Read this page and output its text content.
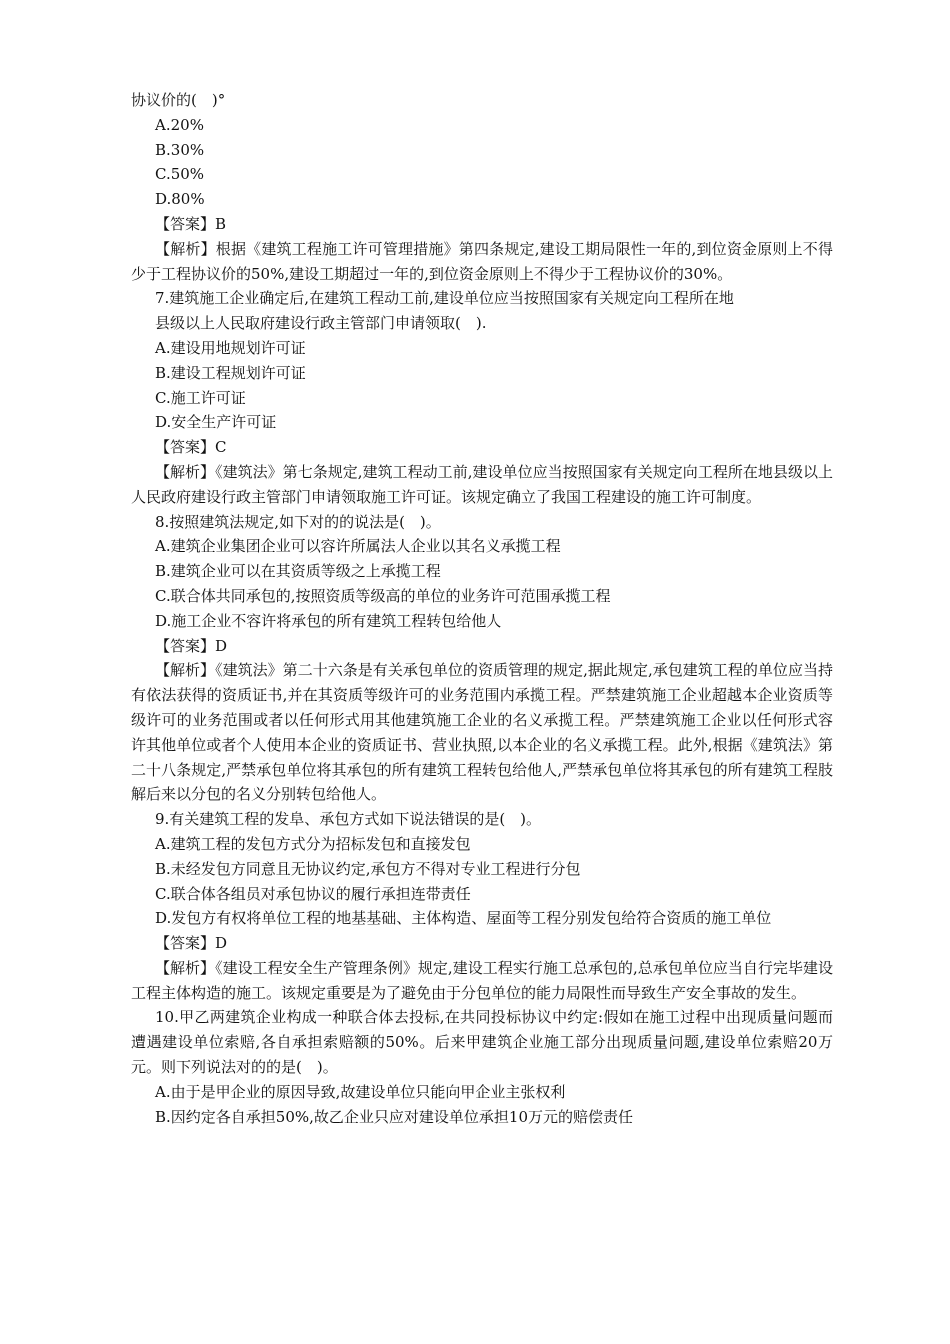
协议价的(　)°
A.20%
B.30%
C.50%
D.80%
【答案】B
【解析】根据《建筑工程施工许可管理措施》第四条规定,建设工期局限性一年的,到位资金原则上不得少于工程协议价的50%,建设工期超过一年的,到位资金原则上不得少于工程协议价的30%。
7.建筑施工企业确定后,在建筑工程动工前,建设单位应当按照国家有关规定向工程所在地
县级以上人民取府建设行政主管部门申请领取(　).
A.建设用地规划许可证
B.建设工程规划许可证
C.施工许可证
D.安全生产许可证
【答案】C
【解析】《建筑法》第七条规定,建筑工程动工前,建设单位应当按照国家有关规定向工程所在地县级以上人民政府建设行政主管部门申请领取施工许可证。该规定确立了我国工程建设的施工许可制度。
8.按照建筑法规定,如下对的的说法是(　)。
A.建筑企业集团企业可以容许所属法人企业以其名义承揽工程
B.建筑企业可以在其资质等级之上承揽工程
C.联合体共同承包的,按照资质等级高的单位的业务许可范围承揽工程
D.施工企业不容许将承包的所有建筑工程转包给他人
【答案】D
【解析】《建筑法》第二十六条是有关承包单位的资质管理的规定,据此规定,承包建筑工程的单位应当持有依法获得的资质证书,并在其资质等级许可的业务范围内承揽工程。严禁建筑施工企业超越本企业资质等级许可的业务范围或者以任何形式用其他建筑施工企业的名义承揽工程。严禁建筑施工企业以任何形式容许其他单位或者个人使用本企业的资质证书、营业执照,以本企业的名义承揽工程。此外,根据《建筑法》第二十八条规定,严禁承包单位将其承包的所有建筑工程转包给他人,严禁承包单位将其承包的所有建筑工程肢解后来以分包的名义分别转包给他人。
9.有关建筑工程的发阜、承包方式如下说法错误的是(　)。
A.建筑工程的发包方式分为招标发包和直接发包
B.未经发包方同意且无协议约定,承包方不得对专业工程进行分包
C.联合体各组员对承包协议的履行承担连带责任
D.发包方有权将单位工程的地基基础、主体构造、屋面等工程分别发包给符合资质的施工单位
【答案】D
【解析】《建设工程安全生产管理条例》规定,建设工程实行施工总承包的,总承包单位应当自行完毕建设工程主体构造的施工。该规定重要是为了避免由于分包单位的能力局限性而导致生产安全事故的发生。
10.甲乙两建筑企业构成一种联合体去投标,在共同投标协议中约定:假如在施工过程中出现质量问题而遭遇建设单位索赔,各自承担索赔额的50%。后来甲建筑企业施工部分出现质量问题,建设单位索赔20万元。则下列说法对的的是(　)。
A.由于是甲企业的原因导致,故建设单位只能向甲企业主张权利
B.因约定各自承担50%,故乙企业只应对建设单位承担10万元的赔偿责任
